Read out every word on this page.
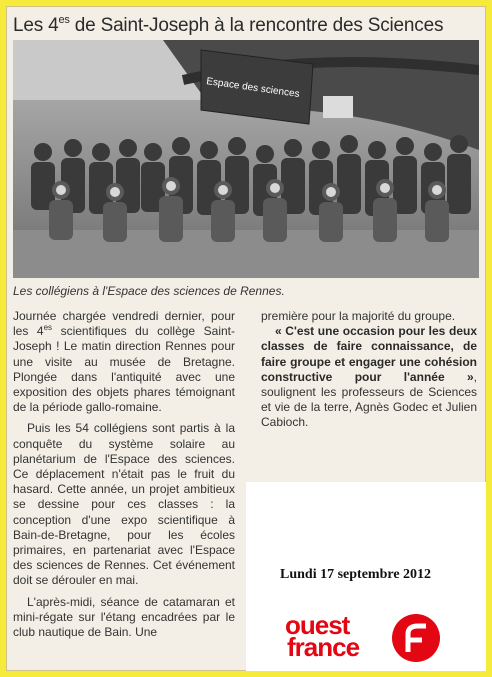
Les $4^{es}$ de Saint-Joseph à la rencontre des Sciences
Espace des sciences
Les collégiens à l'Espace des sciences de Rennes.

Journée chargée vendredi dernier, pour les $4^{es}$ scientifiques du collège Saint-Joseph ! Le matin direction Rennes pour une visite au musée de Bretagne. Plongée dans l'antiquité avec une exposition des objets phares témoignant de la période gallo-romaine.

Puis les 54 collégiens sont partis à la conquête du système solaire au planétarium de l'Espace des sciences. Ce déplacement n'était pas le fruit du hasard. Cette année, un projet ambitieux se dessine pour ces classes : la conception d'une expo scientifique à Bain-de-Bretagne, pour les écoles primaires, en partenariat avec l'Espace des sciences de Rennes. Cet événement doit se dérouler en mai.

L'après-midi, séance de catamaran et mini-régate sur l'étang encadrées par le club nautique de Bain. Une

première pour la majorité du groupe.

« C'est une occasion pour les deux classes de faire connaissance, de faire groupe et engager une cohésion constructive pour l'année », soulignent les professeurs de Sciences et vie de la terre, Agnès Godec et Julien Cabioch.

Lundi 17 septembre 2012
ouest
france
